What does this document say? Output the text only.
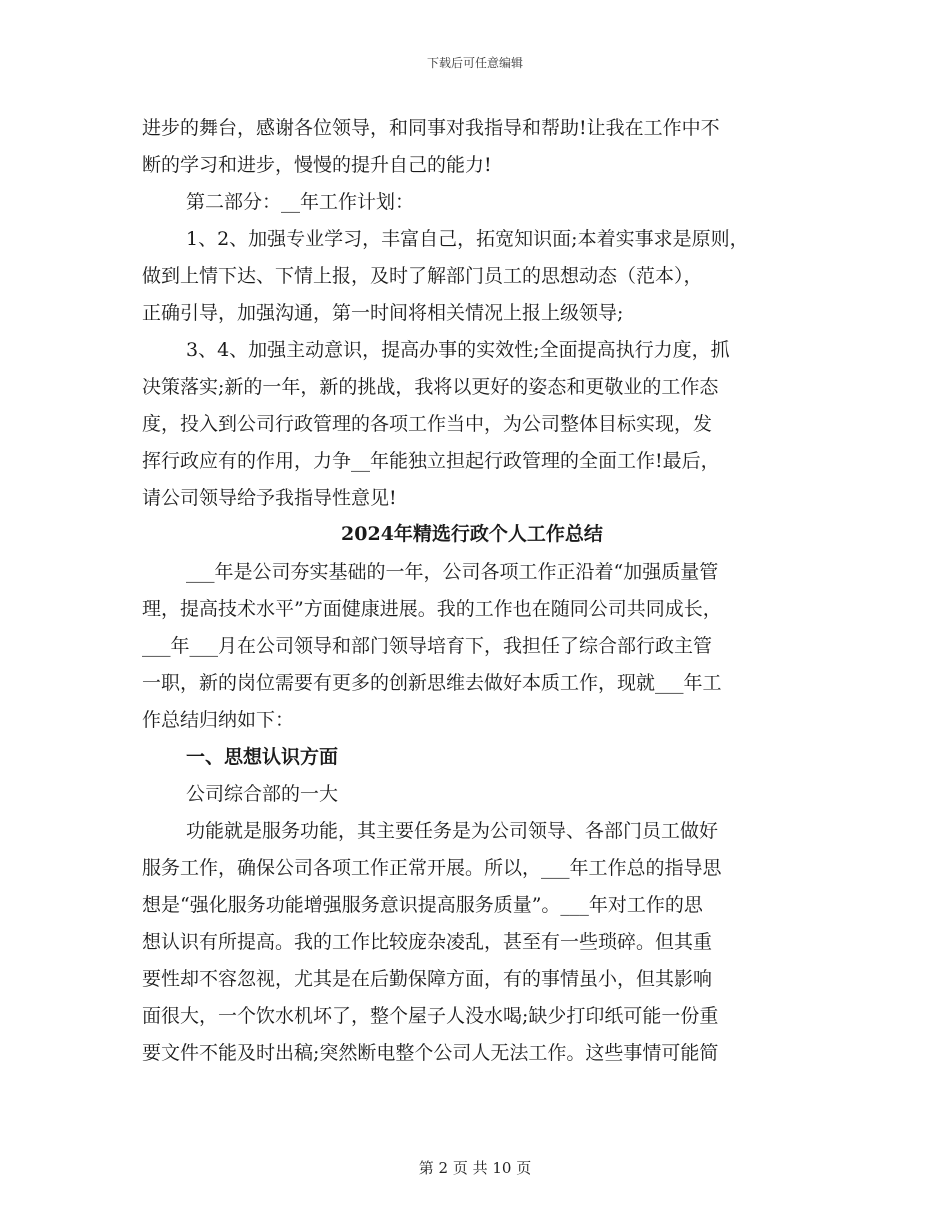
下载后可任意编辑
进步的舞台，感谢各位领导，和同事对我指导和帮助!让我在工作中不
断的学习和进步，慢慢的提升自己的能力!
第二部分：__年工作计划：
1、2、加强专业学习，丰富自己，拓宽知识面;本着实事求是原则，
做到上情下达、下情上报，及时了解部门员工的思想动态（范本），
正确引导，加强沟通，第一时间将相关情况上报上级领导;
3、4、加强主动意识，提高办事的实效性;全面提高执行力度，抓
决策落实;新的一年，新的挑战，我将以更好的姿态和更敬业的工作态
度，投入到公司行政管理的各项工作当中，为公司整体目标实现，发
挥行政应有的作用，力争__年能独立担起行政管理的全面工作!最后，
请公司领导给予我指导性意见!
2024年精选行政个人工作总结
___年是公司夯实基础的一年，公司各项工作正沿着“加强质量管
理，提高技术水平”方面健康进展。我的工作也在随同公司共同成长，
___年___月在公司领导和部门领导培育下，我担任了综合部行政主管
一职，新的岗位需要有更多的创新思维去做好本质工作，现就___年工
作总结归纳如下：
一、思想认识方面
公司综合部的一大
功能就是服务功能，其主要任务是为公司领导、各部门员工做好
服务工作，确保公司各项工作正常开展。所以，___年工作总的指导思
想是“强化服务功能增强服务意识提高服务质量”。___年对工作的思
想认识有所提高。我的工作比较庞杂凌乱，甚至有一些琐碎。但其重
要性却不容忽视，尤其是在后勤保障方面，有的事情虽小，但其影响
面很大，一个饮水机坏了，整个屋子人没水喝;缺少打印纸可能一份重
要文件不能及时出稿;突然断电整个公司人无法工作。这些事情可能简
第 2 页 共 10 页
